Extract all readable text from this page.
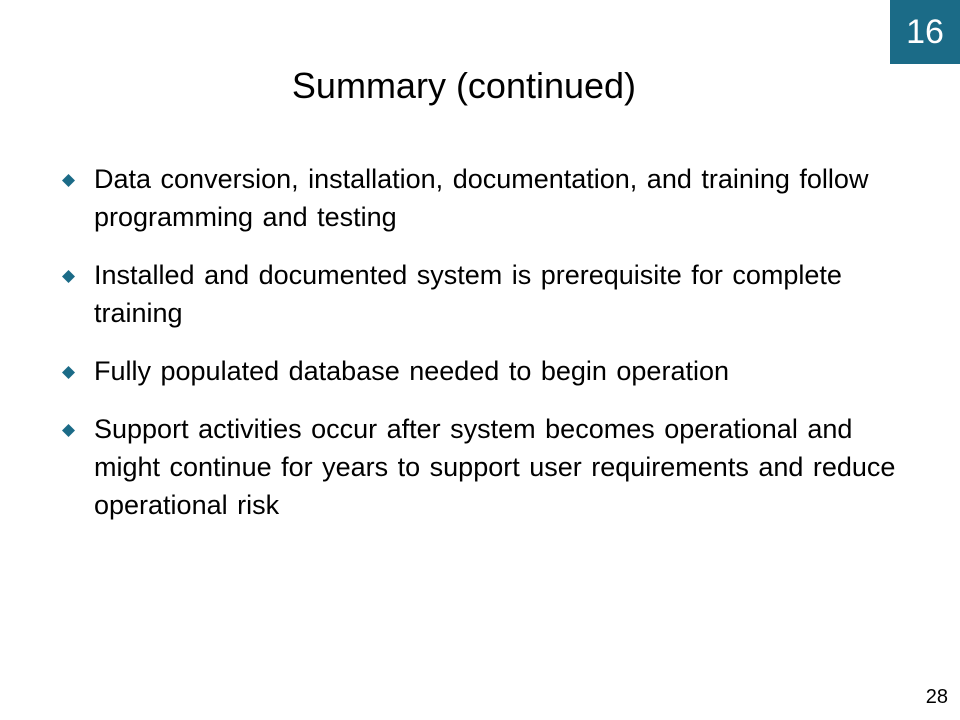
16
Summary (continued)
Data conversion, installation, documentation, and training follow programming and testing
Installed and documented system is prerequisite for complete training
Fully populated database needed to begin operation
Support activities occur after system becomes operational and might continue for years to support user requirements and reduce operational risk
28
